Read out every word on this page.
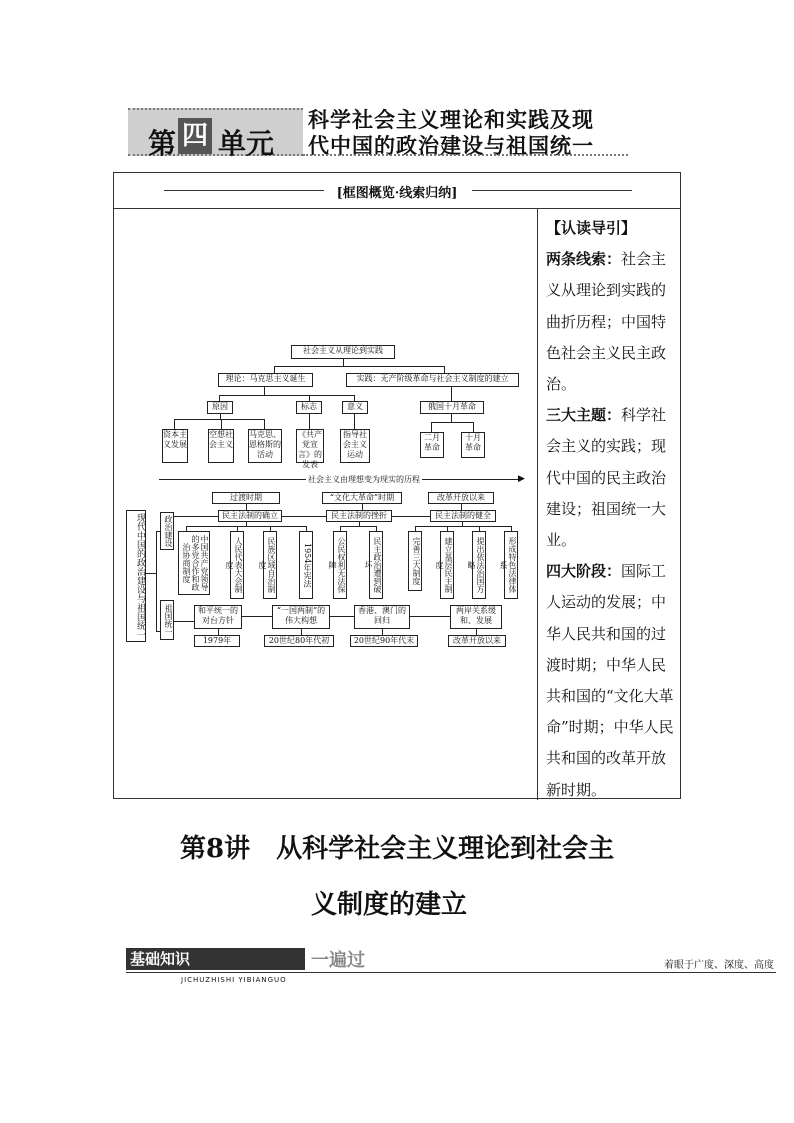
第 四 单元
科学社会主义理论和实践及现
代中国的政治建设与祖国统一
[框图概览·线索归纳]
社会主义从理论到实践
理论：马克思主义诞生	实践：无产阶级革命与社会主义制度的建立
原因	标志	意义	俄国十月革命
资本主义发展
空想社会主义
马克思、恩格斯的活动
《共产党宣言》的发表
指导社会主义运动
二月革命
十月革命
▶
社会主义由理想变为现实的历程
现代中国的政治建设与祖国统一	政治建设
祖国统一
过渡时期	“文化大革命”时期	改革开放以来
民主法制的确立	民主法制的挫折	民主法制的健全
中国共产党领导的多党合作和政治协商制度	人民代表大会制度	民族区域自治制度	1954年宪法	公民权利无法保障	民主政治遭到破坏	完善三大制度	建立基层民主制度	提出依法治国方略	形成特色法律体系
和平统一的对台方针
“一国两制”的伟大构想
香港、澳门的回归
两岸关系缓和、发展
1979年	20世纪80年代初	20世纪90年代末	改革开放以来

【认读导引】

两条线索：社会主义从理论到实践的曲折历程；中国特色社会主义民主政治。

三大主题：科学社会主义的实践；现代中国的民主政治建设；祖国统一大业。

四大阶段：国际工人运动的发展；中华人民共和国的过渡时期；中华人民共和国的“文化大革命”时期；中华人民共和国的改革开放新时期。

第8讲　从科学社会主义理论到社会主
义制度的建立
基础知识	一遍过
JICHUZHISHI YIBIANGUO
着眼于广度、深度、高度
